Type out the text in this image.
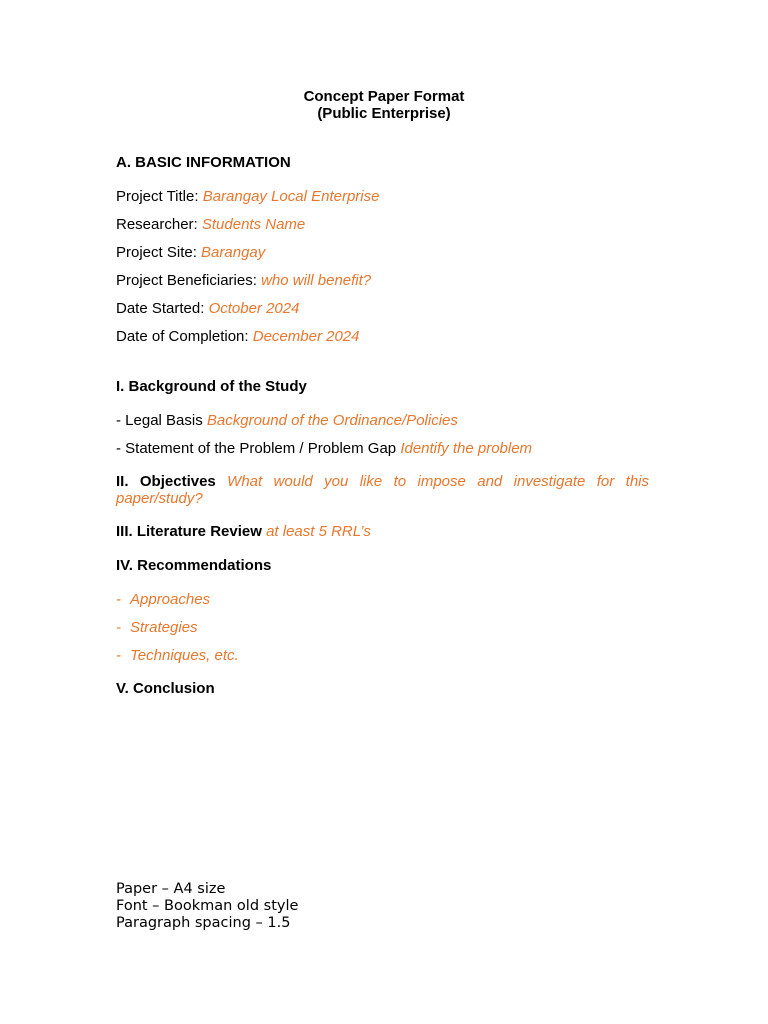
Concept Paper Format
(Public Enterprise)
A. BASIC INFORMATION
Project Title: Barangay Local Enterprise
Researcher: Students Name
Project Site: Barangay
Project Beneficiaries: who will benefit?
Date Started: October 2024
Date of Completion: December 2024
I. Background of the Study
- Legal Basis Background of the Ordinance/Policies
- Statement of the Problem / Problem Gap Identify the problem
II. Objectives What would you like to impose and investigate for this paper/study?
III. Literature Review at least 5 RRL’s
IV. Recommendations
- Approaches
- Strategies
- Techniques, etc.
V. Conclusion
Paper – A4 size
Font – Bookman old style
Paragraph spacing – 1.5
